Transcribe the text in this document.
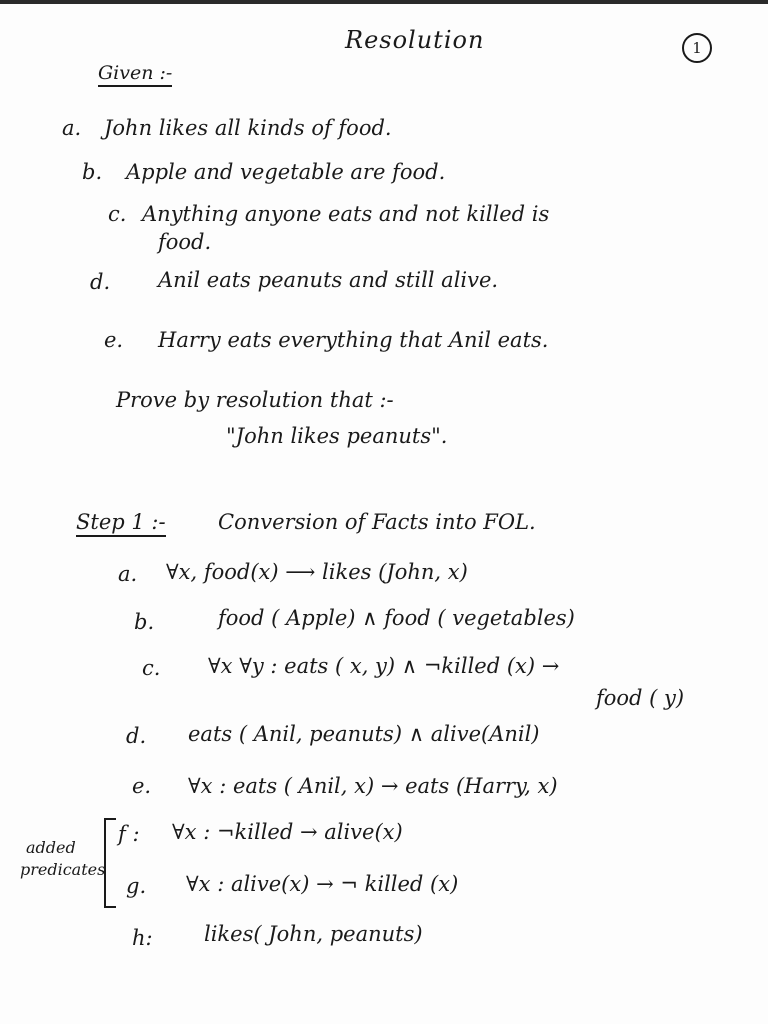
Resolution	1
Given :-
a. John likes all kinds of food.
b. Apple and vegetable are food.
c. Anything anyone eats and not killed is
food.
d. Anil eats peanuts and still alive.
e. Harry eats everything that Anil eats.
Prove by resolution that :-
"John likes peanuts".
Step 1 :- Conversion of Facts into FOL.
a. ∀x, food(x) ⟶ likes (John, x)
b.	food ( Apple) ∧ food ( vegetables)
c. ∀x ∀y : eats ( x, y) ∧ ¬killed (x) →
food ( y)
d. eats ( Anil, peanuts) ∧ alive(Anil)
e. ∀x : eats ( Anil, x) → eats (Harry, x)
added
predicates
f : ∀x : ¬killed → alive(x)
g. ∀x : alive(x) → ¬ killed (x)
h: likes( John, peanuts)
